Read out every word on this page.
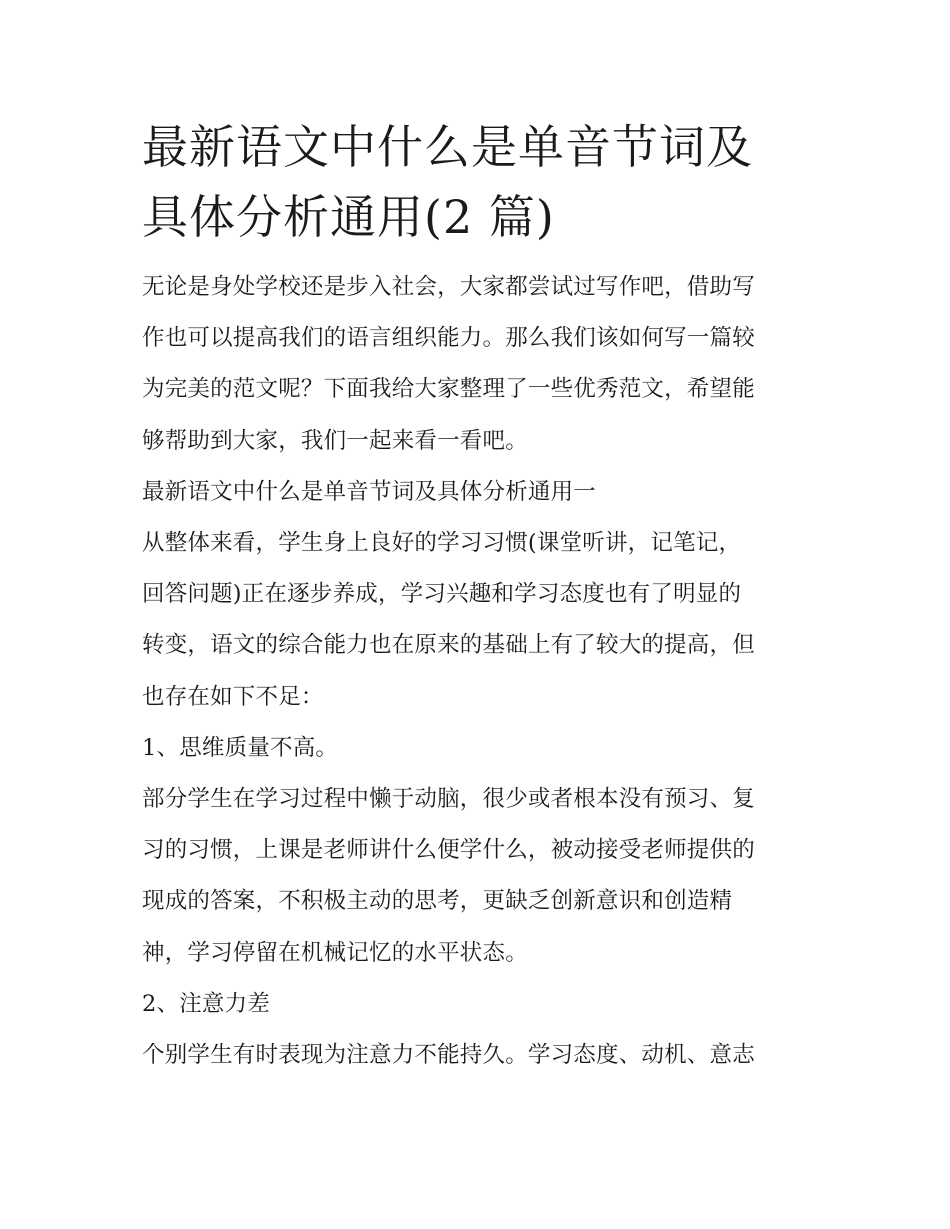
最新语文中什么是单音节词及
具体分析通用(2 篇)

无论是身处学校还是步入社会，大家都尝试过写作吧，借助写
作也可以提高我们的语言组织能力。那么我们该如何写一篇较
为完美的范文呢？下面我给大家整理了一些优秀范文，希望能
够帮助到大家，我们一起来看一看吧。

最新语文中什么是单音节词及具体分析通用一

从整体来看，学生身上良好的学习习惯(课堂听讲，记笔记，
回答问题)正在逐步养成，学习兴趣和学习态度也有了明显的
转变，语文的综合能力也在原来的基础上有了较大的提高，但
也存在如下不足：

1、思维质量不高。

部分学生在学习过程中懒于动脑，很少或者根本没有预习、复
习的习惯，上课是老师讲什么便学什么，被动接受老师提供的
现成的答案，不积极主动的思考，更缺乏创新意识和创造精
神，学习停留在机械记忆的水平状态。

2、注意力差

个别学生有时表现为注意力不能持久。学习态度、动机、意志
